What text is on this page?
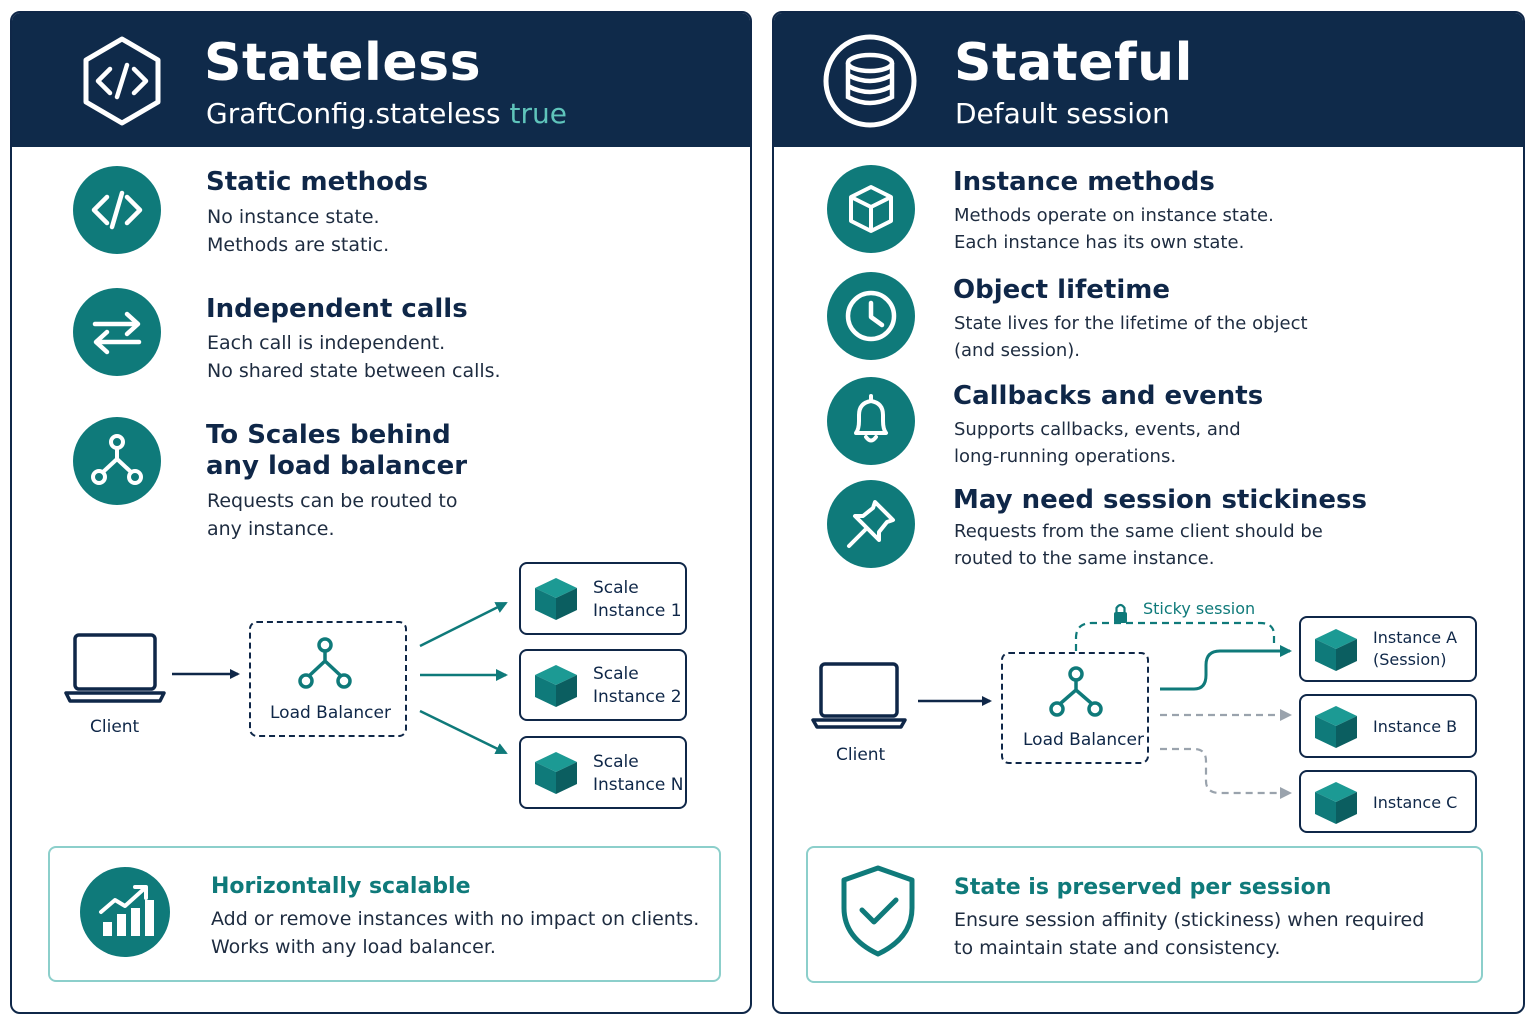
Stateless
GraftConfig.stateless true
Static methods
No instance state.
Methods are static.
Independent calls
Each call is independent.
No shared state between calls.
To Scales behind
any load balancer
Requests can be routed to
any instance.
Client
Load Balancer
Scale
Instance 1
Scale
Instance 2
Scale
Instance N
Horizontally scalable
Add or remove instances with no impact on clients.
Works with any load balancer.
Stateful
Default session
Instance methods
Methods operate on instance state.
Each instance has its own state.
Object lifetime
State lives for the lifetime of the object
(and session).
Callbacks and events
Supports callbacks, events, and
long-running operations.
May need session stickiness
Requests from the same client should be
routed to the same instance.
Sticky session
Client
Load Balancer
Instance A
(Session)
Instance B
Instance C
State is preserved per session
Ensure session affinity (stickiness) when required
to maintain state and consistency.
